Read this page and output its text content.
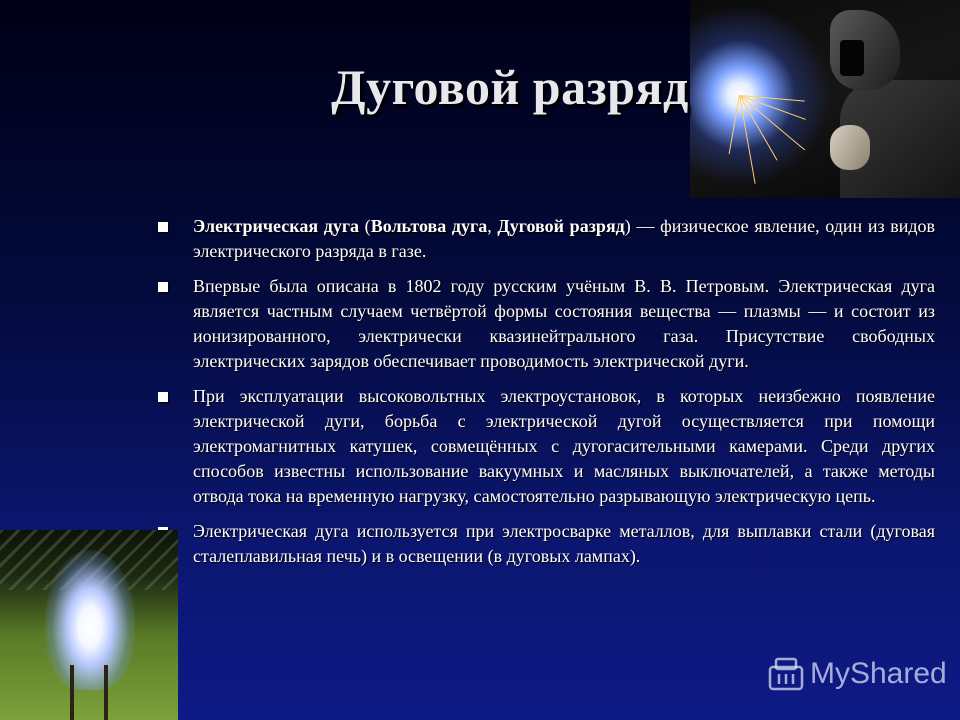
Дуговой разряд
Электрическая дуга (Вольтова дуга, Дуговой разряд) — физическое явление, один из видов электрического разряда в газе.
Впервые была описана в 1802 году русским учёным В. В. Петровым. Электрическая дуга является частным случаем четвёртой формы состояния вещества — плазмы — и состоит из ионизированного, электрически квазинейтрального газа. Присутствие свободных электрических зарядов обеспечивает проводимость электрической дуги.
При эксплуатации высоковольтных электроустановок, в которых неизбежно появление электрической дуги, борьба с электрической дугой осуществляется при помощи электромагнитных катушек, совмещённых с дугогасительными камерами. Среди других способов известны использование вакуумных и масляных выключателей, а также методы отвода тока на временную нагрузку, самостоятельно разрывающую электрическую цепь.
Электрическая дуга используется при электросварке металлов, для выплавки стали (дуговая сталеплавильная печь) и в освещении (в дуговых лампах).
MyShared
